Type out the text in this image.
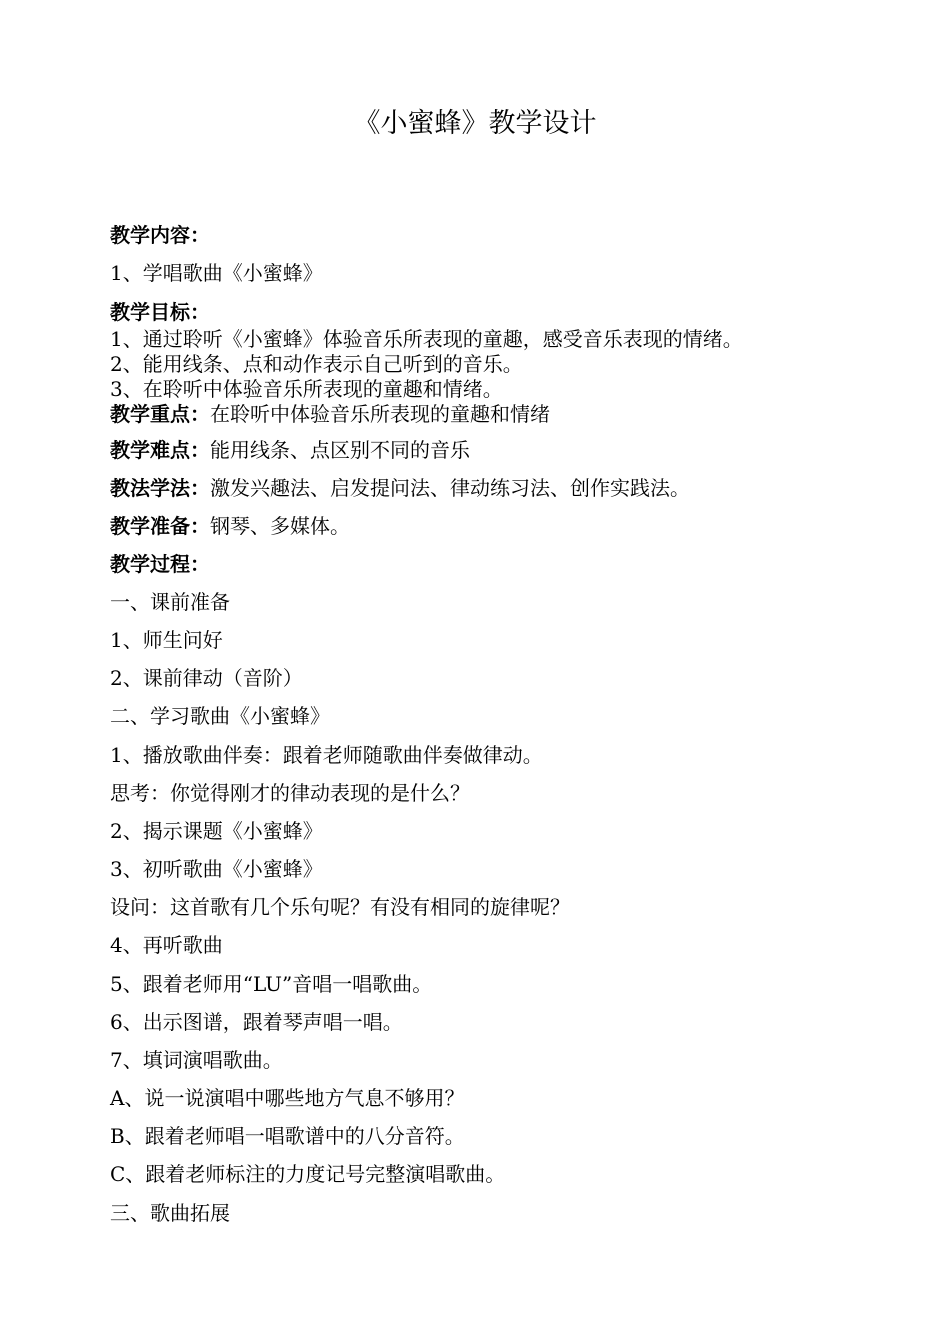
《小蜜蜂》教学设计
教学内容：
1、学唱歌曲《小蜜蜂》
教学目标：
1、通过聆听《小蜜蜂》体验音乐所表现的童趣，感受音乐表现的情绪。
2、能用线条、点和动作表示自己听到的音乐。
3、在聆听中体验音乐所表现的童趣和情绪。
教学重点：在聆听中体验音乐所表现的童趣和情绪
教学难点：能用线条、点区别不同的音乐
教法学法：激发兴趣法、启发提问法、律动练习法、创作实践法。
教学准备：钢琴、多媒体。
教学过程：
一、课前准备
1、师生问好
2、课前律动（音阶）
二、学习歌曲《小蜜蜂》
1、播放歌曲伴奏：跟着老师随歌曲伴奏做律动。
思考：你觉得刚才的律动表现的是什么？
2、揭示课题《小蜜蜂》
3、初听歌曲《小蜜蜂》
设问：这首歌有几个乐句呢？有没有相同的旋律呢？
4、再听歌曲
5、跟着老师用“LU”音唱一唱歌曲。
6、出示图谱，跟着琴声唱一唱。
7、填词演唱歌曲。
A、说一说演唱中哪些地方气息不够用？
B、跟着老师唱一唱歌谱中的八分音符。
C、跟着老师标注的力度记号完整演唱歌曲。
三、歌曲拓展
